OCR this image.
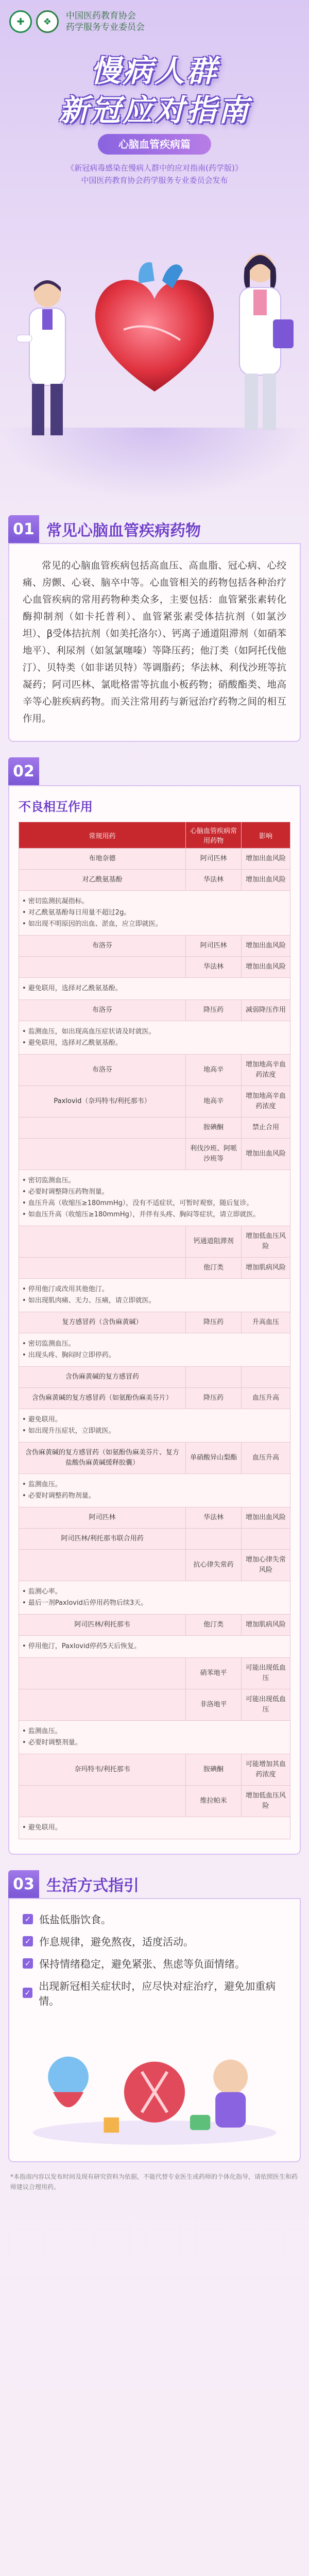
✚	❖
中国医药教育协会
药学服务专业委员会
慢病人群
新冠应对指南
心脑血管疾病篇
《新冠病毒感染在慢病人群中的应对指南(药学版)》
中国医药教育协会药学服务专业委员会发布
01 常见心脑血管疾病药物

常见的心脑血管疾病包括高血压、高血脂、冠心病、心绞痛、房颤、心衰、脑卒中等。心血管相关的药物包括各种治疗心血管疾病的常用药物种类众多，主要包括：血管紧张素转化酶抑制剂（如卡托普利）、血管紧张素受体拮抗剂（如氯沙坦）、β受体拮抗剂（如美托洛尔）、钙离子通道阻滞剂（如硝苯地平）、利尿剂（如氢氯噻嗪）等降压药；他汀类（如阿托伐他汀）、贝特类（如非诺贝特）等调脂药；华法林、利伐沙班等抗凝药；阿司匹林、氯吡格雷等抗血小板药物；硝酸酯类、地高辛等心脏疾病药物。而关注常用药与新冠治疗药物之间的相互作用。

02
不良相互作用
常规用药	心脑血管疾病常用药物	影响
布地奈德	阿司匹林	增加出血风险
对乙酰氨基酚	华法林	增加出血风险

• 密切监测抗凝指标。
• 对乙酰氨基酚每日用量不超过2g。
• 如出现不明原因的出血、淤血，应立即就医。		

布洛芬	阿司匹林	增加出血风险
	华法林	增加出血风险

• 避免联用，选择对乙酰氨基酚。		

布洛芬	降压药	减弱降压作用

• 监测血压，如出现高血压症状请及时就医。
• 避免联用，选择对乙酰氨基酚。		

布洛芬	地高辛	增加地高辛血药浓度
Paxlovid（奈玛特韦/利托那韦）	地高辛	增加地高辛血药浓度
	胺碘酮	禁止合用
	利伐沙班、阿哌沙班等	增加出血风险

• 密切监测血压。
• 必要时调整降压药物剂量。
• 血压升高（收缩压≥180mmHg），没有不适症状，可暂时观察，随后复诊。
• 如血压升高（收缩压≥180mmHg），并伴有头疼、胸闷等症状，请立即就医。		

	钙通道阻滞剂	增加低血压风险
	他汀类	增加肌病风险

• 停用他汀或改用其他他汀。
• 如出现肌肉痛、无力、压痛，请立即就医。		

复方感冒药（含伪麻黄碱）	降压药	升高血压

• 密切监测血压。
• 出现头疼、胸闷时立即停药。		

含伪麻黄碱的复方感冒药		
含伪麻黄碱的复方感冒药（如氨酚伪麻美芬片）	降压药	血压升高

• 避免联用。
• 如出现升压症状，立即就医。		

含伪麻黄碱的复方感冒药（如氨酚伪麻美芬片、复方盐酸伪麻黄碱缓释胶囊）	单硝酸异山梨酯	血压升高

• 监测血压。
• 必要时调整药物剂量。		

阿司匹林	华法林	增加出血风险
阿司匹林/利托那韦联合用药		
	抗心律失常药	增加心律失常风险

• 监测心率。
• 最后一剂Paxlovid后停用药物后续3天。		

阿司匹林/利托那韦	他汀类	增加肌病风险

• 停用他汀，Paxlovid停药5天后恢复。		

	硝苯地平	可能出现低血压
	非洛地平	可能出现低血压

• 监测血压。
• 必要时调整剂量。		

奈玛特韦/利托那韦	胺碘酮	可能增加其血药浓度
	维拉帕米	增加低血压风险

• 避免联用。		
03 生活方式指引
✓ 低盐低脂饮食。
✓ 作息规律，避免熬夜，适度活动。
✓ 保持情绪稳定，避免紧张、焦虑等负面情绪。
✓
出现新冠相关症状时，应尽快对症治疗，避免加重病情。

*本指南内容以发布时间及现有研究资料为依据，不能代替专业医生或药师的个体化指导，请依照医生和药师建议合理用药。
